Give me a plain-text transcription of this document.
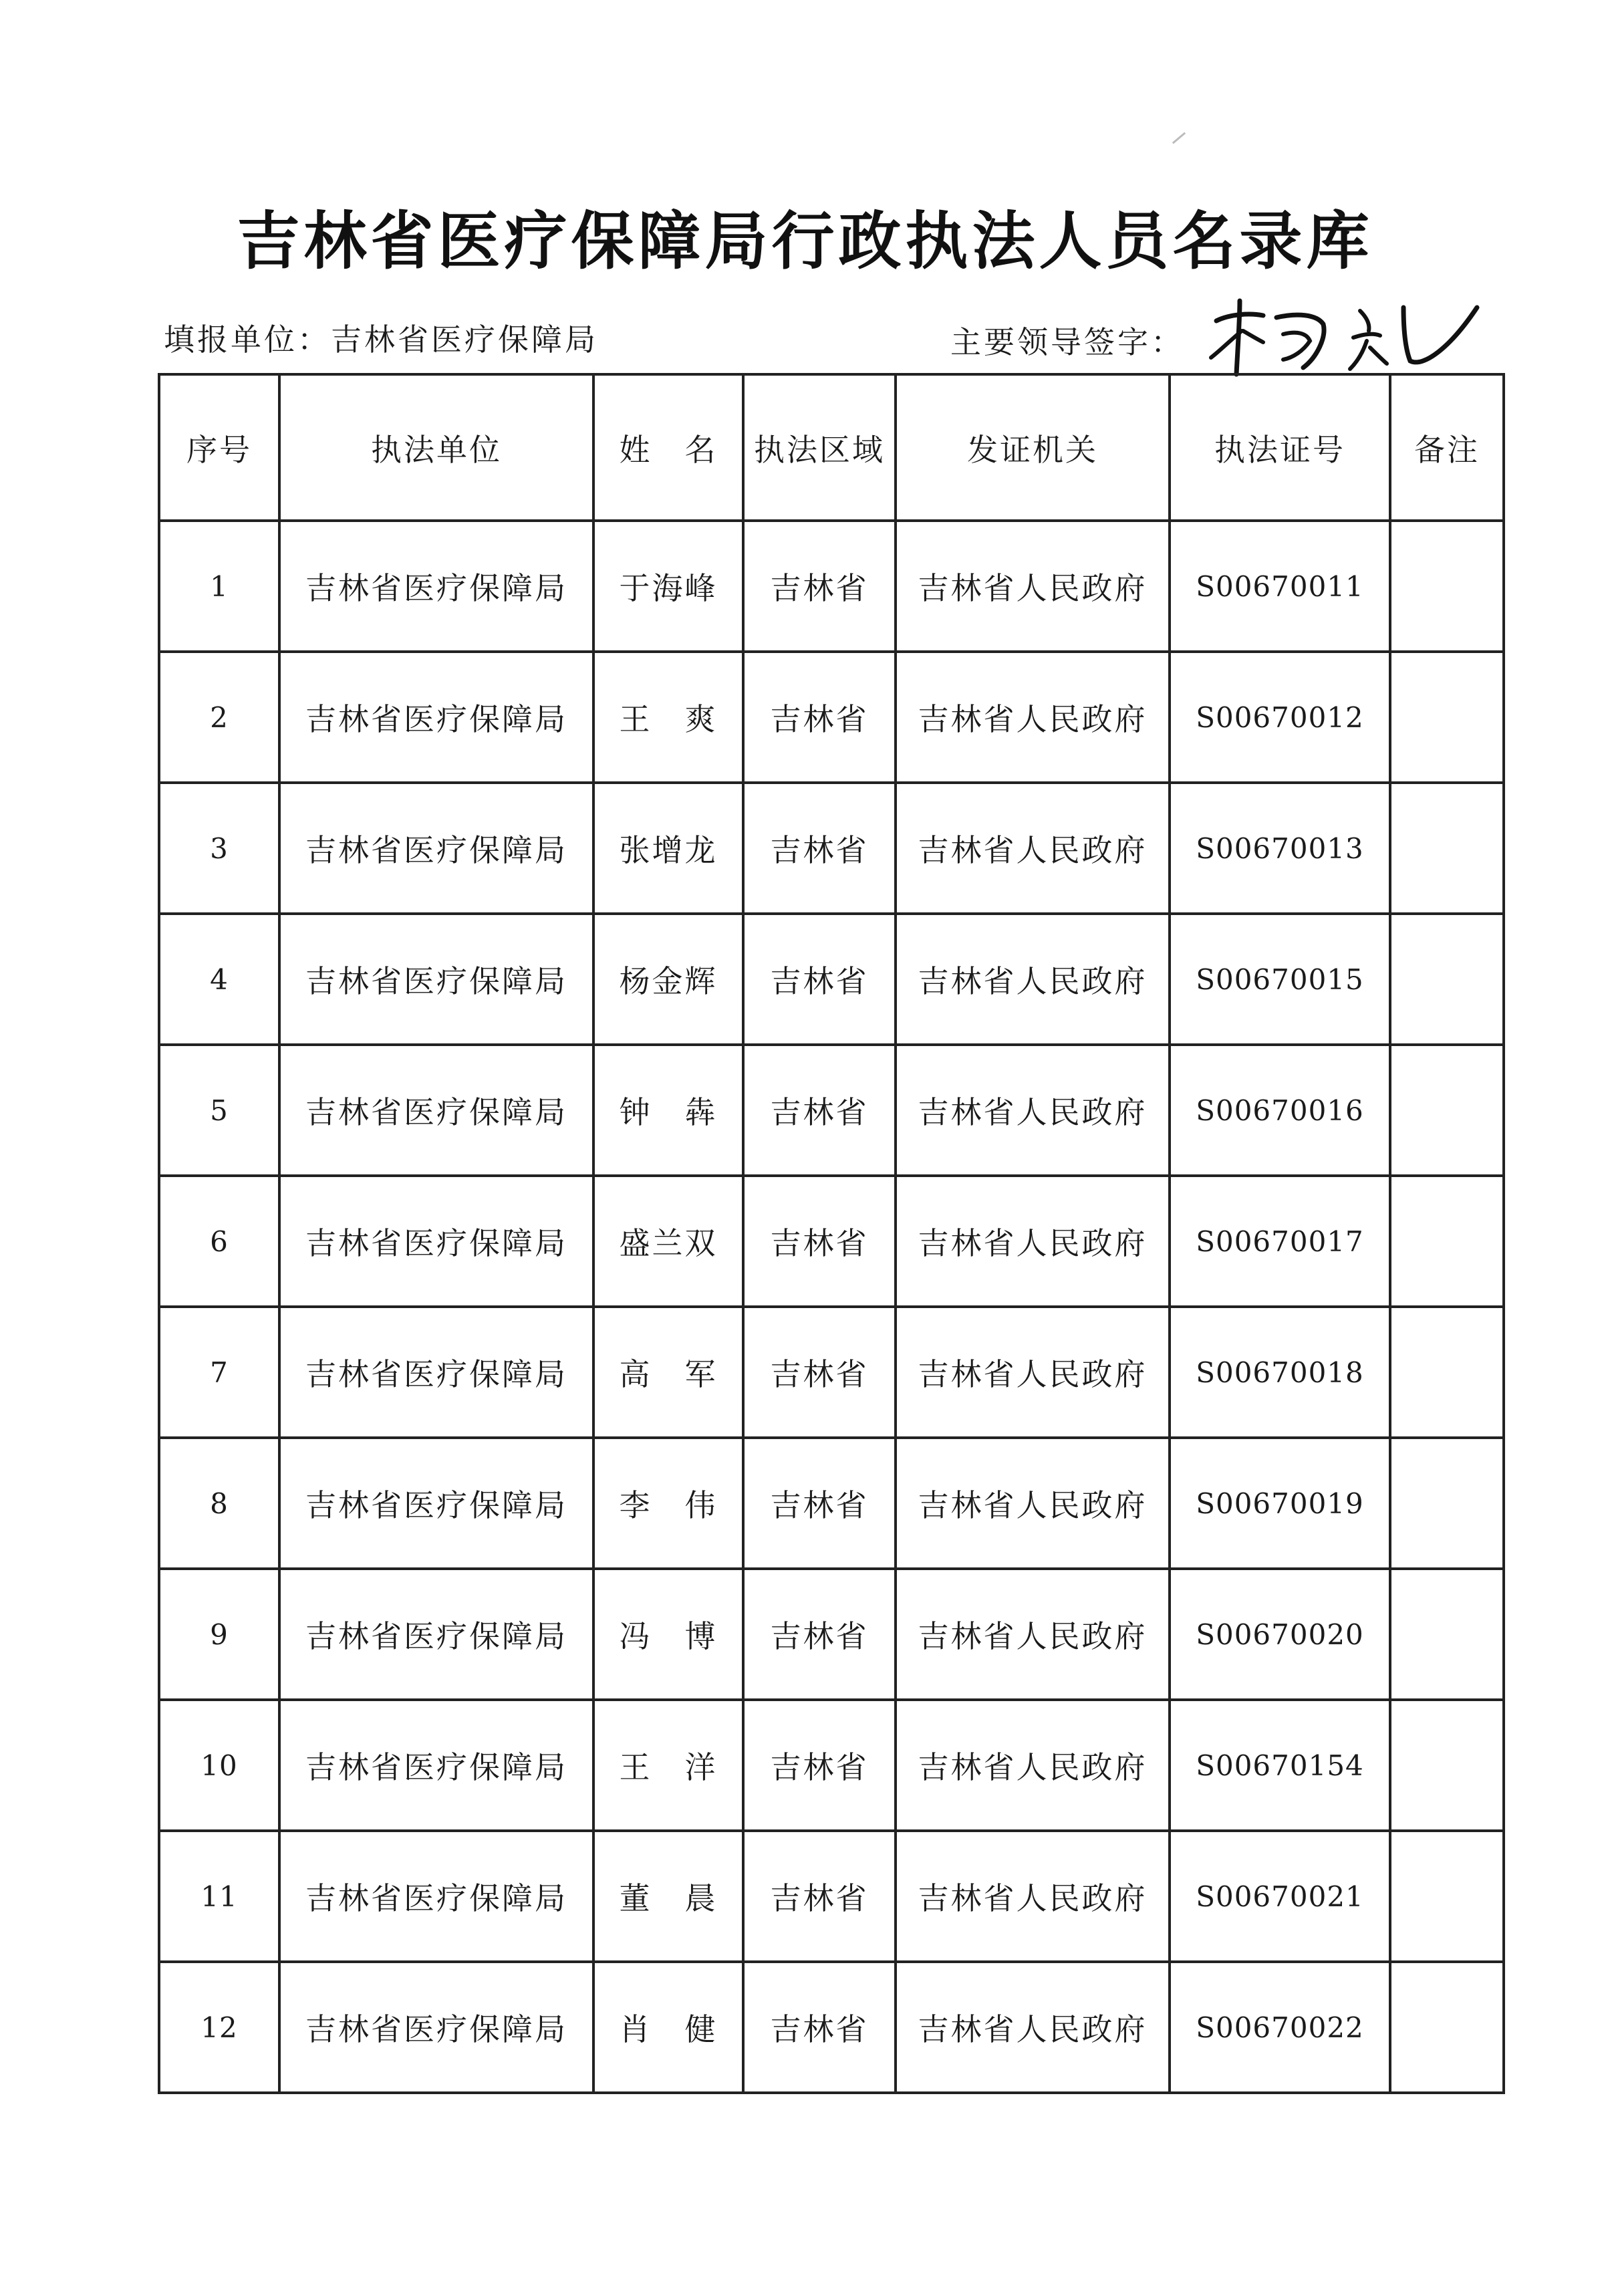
吉林省医疗保障局行政执法人员名录库
填报单位：吉林省医疗保障局	主要领导签字：
序号	执法单位	姓　名	执法区域	发证机关	执法证号	备注
1	吉林省医疗保障局	于海峰	吉林省	吉林省人民政府	S00670011	
2	吉林省医疗保障局	王　爽	吉林省	吉林省人民政府	S00670012	
3	吉林省医疗保障局	张增龙	吉林省	吉林省人民政府	S00670013	
4	吉林省医疗保障局	杨金辉	吉林省	吉林省人民政府	S00670015	
5	吉林省医疗保障局	钟　犇	吉林省	吉林省人民政府	S00670016	
6	吉林省医疗保障局	盛兰双	吉林省	吉林省人民政府	S00670017	
7	吉林省医疗保障局	高　军	吉林省	吉林省人民政府	S00670018	
8	吉林省医疗保障局	李　伟	吉林省	吉林省人民政府	S00670019	
9	吉林省医疗保障局	冯　博	吉林省	吉林省人民政府	S00670020	
10	吉林省医疗保障局	王　洋	吉林省	吉林省人民政府	S00670154	
11	吉林省医疗保障局	董　晨	吉林省	吉林省人民政府	S00670021	
12	吉林省医疗保障局	肖　健	吉林省	吉林省人民政府	S00670022	
